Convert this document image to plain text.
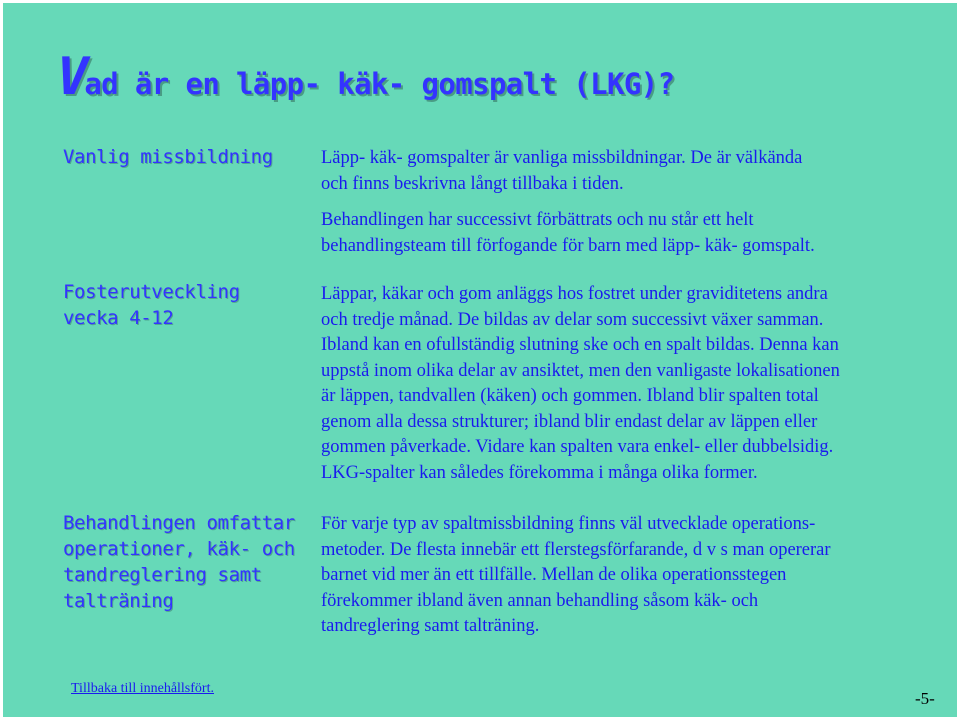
Vad är en läpp- käk- gomspalt (LKG)?
Vanlig missbildning
Fosterutveckling
vecka 4-12
Behandlingen omfattar
operationer, käk- och
tandreglering samt
talträning
Läpp- käk- gomspalter är vanliga missbildningar. De är välkända
och finns beskrivna långt tillbaka i tiden.
Behandlingen har successivt förbättrats och nu står ett helt
behandlingsteam till förfogande för barn med läpp- käk- gomspalt.
Läppar, käkar och gom anläggs hos fostret under graviditetens andra
och tredje månad. De bildas av delar som successivt växer samman.
Ibland kan en ofullständig slutning ske och en spalt bildas. Denna kan
uppstå inom olika delar av ansiktet, men den vanligaste lokalisationen
är läppen, tandvallen (käken) och gommen. Ibland blir spalten total
genom alla dessa strukturer; ibland blir endast delar av läppen eller
gommen påverkade. Vidare kan spalten vara enkel- eller dubbelsidig.
LKG-spalter kan således förekomma i många olika former.
För varje typ av spaltmissbildning finns väl utvecklade operations-
metoder. De flesta innebär ett flerstegsförfarande, d v s man opererar
barnet vid mer än ett tillfälle. Mellan de olika operationsstegen
förekommer ibland även annan behandling såsom käk- och
tandreglering samt talträning.
Tillbaka till innehållsfört.
-5-
